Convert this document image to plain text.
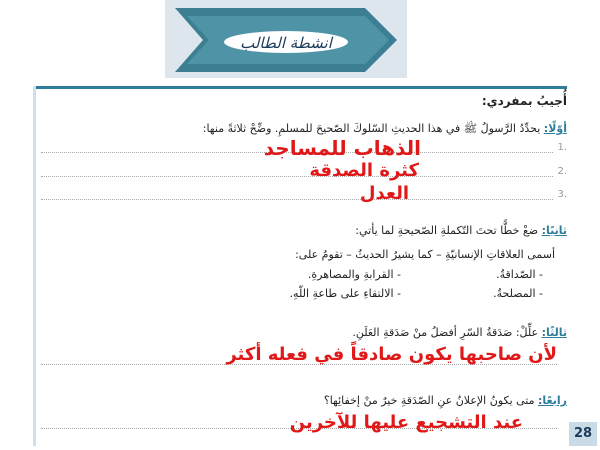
انشطة الطالب
أُجيبُ بمفردي:
أوّلًا: يحدِّدُ الرَّسولُ ﷺ في هذا الحديثِ السّلوكَ الصّحيحَ للمسلمِ. وضِّحْ ثلاثةً منها:
1.
2.
3.
الذهاب للمساجد
كثرة الصدقة
العدل
ثانيًا: ضعْ خطًّا تحتَ التّكملةِ الصّحيحةِ لما يأتي:
أسمى العلاقاتِ الإنسانيّةِ – كما يشيرُ الحديثُ – تقومُ على:
- الصّداقةُ.
- القرابةِ والمصاهرةِ.
- المصلحةُ.
- الالتقاءِ على طاعةِ اللّهِ.
ثالثًا: علِّلْ: صَدَقةُ السّرِ أفضلُ منْ صَدَقةِ العَلَنِ.
لأن صاحبها يكون صادقاً في فعله أكثر
رابعًا: متى يكونُ الإعلانُ عنِ الصّدَقةِ خيرٌ منْ إخفائِها؟
عند التشجيع عليها للآخرين
28
